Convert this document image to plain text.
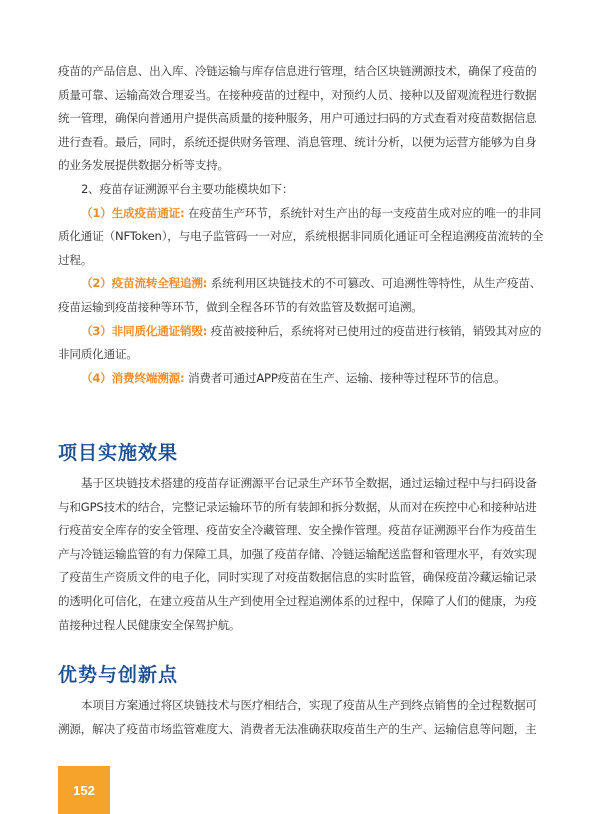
疫苗的产品信息、出入库、冷链运输与库存信息进行管理，结合区块链溯源技术，确保了疫苗的质量可靠、运输高效合理妥当。在接种疫苗的过程中，对预约人员、接种以及留观流程进行数据统一管理，确保向普通用户提供高质量的接种服务，用户可通过扫码的方式查看对疫苗数据信息进行查看。最后，同时，系统还提供财务管理、消息管理、统计分析，以便为运营方能够为自身的业务发展提供数据分析等支持。

2、疫苗存证溯源平台主要功能模块如下：

（1）生成疫苗通证: 在疫苗生产环节，系统针对生产出的每一支疫苗生成对应的唯一的非同质化通证（NFToken），与电子监管码一一对应，系统根据非同质化通证可全程追溯疫苗流转的全过程。

（2）疫苗流转全程追溯: 系统利用区块链技术的不可篡改、可追溯性等特性，从生产疫苗、疫苗运输到疫苗接种等环节，做到全程各环节的有效监管及数据可追溯。

（3）非同质化通证销毁: 疫苗被接种后，系统将对已使用过的疫苗进行核销，销毁其对应的非同质化通证。

（4）消费终端溯源: 消费者可通过APP疫苗在生产、运输、接种等过程环节的信息。

项目实施效果

基于区块链技术搭建的疫苗存证溯源平台记录生产环节全数据，通过运输过程中与扫码设备与和GPS技术的结合，完整记录运输环节的所有装卸和拆分数据，从而对在疾控中心和接种站进行疫苗安全库存的安全管理、疫苗安全冷藏管理、安全操作管理。疫苗存证溯源平台作为疫苗生产与冷链运输监管的有力保障工具，加强了疫苗存储、冷链运输配送监督和管理水平，有效实现了疫苗生产资质文件的电子化，同时实现了对疫苗数据信息的实时监管，确保疫苗冷藏运输记录的透明化可信化，在建立疫苗从生产到使用全过程追溯体系的过程中，保障了人们的健康，为疫苗接种过程人民健康安全保驾护航。

优势与创新点

本项目方案通过将区块链技术与医疗相结合，实现了疫苗从生产到终点销售的全过程数据可溯源，解决了疫苗市场监管难度大、消费者无法准确获取疫苗生产的生产、运输信息等问题，主

152
